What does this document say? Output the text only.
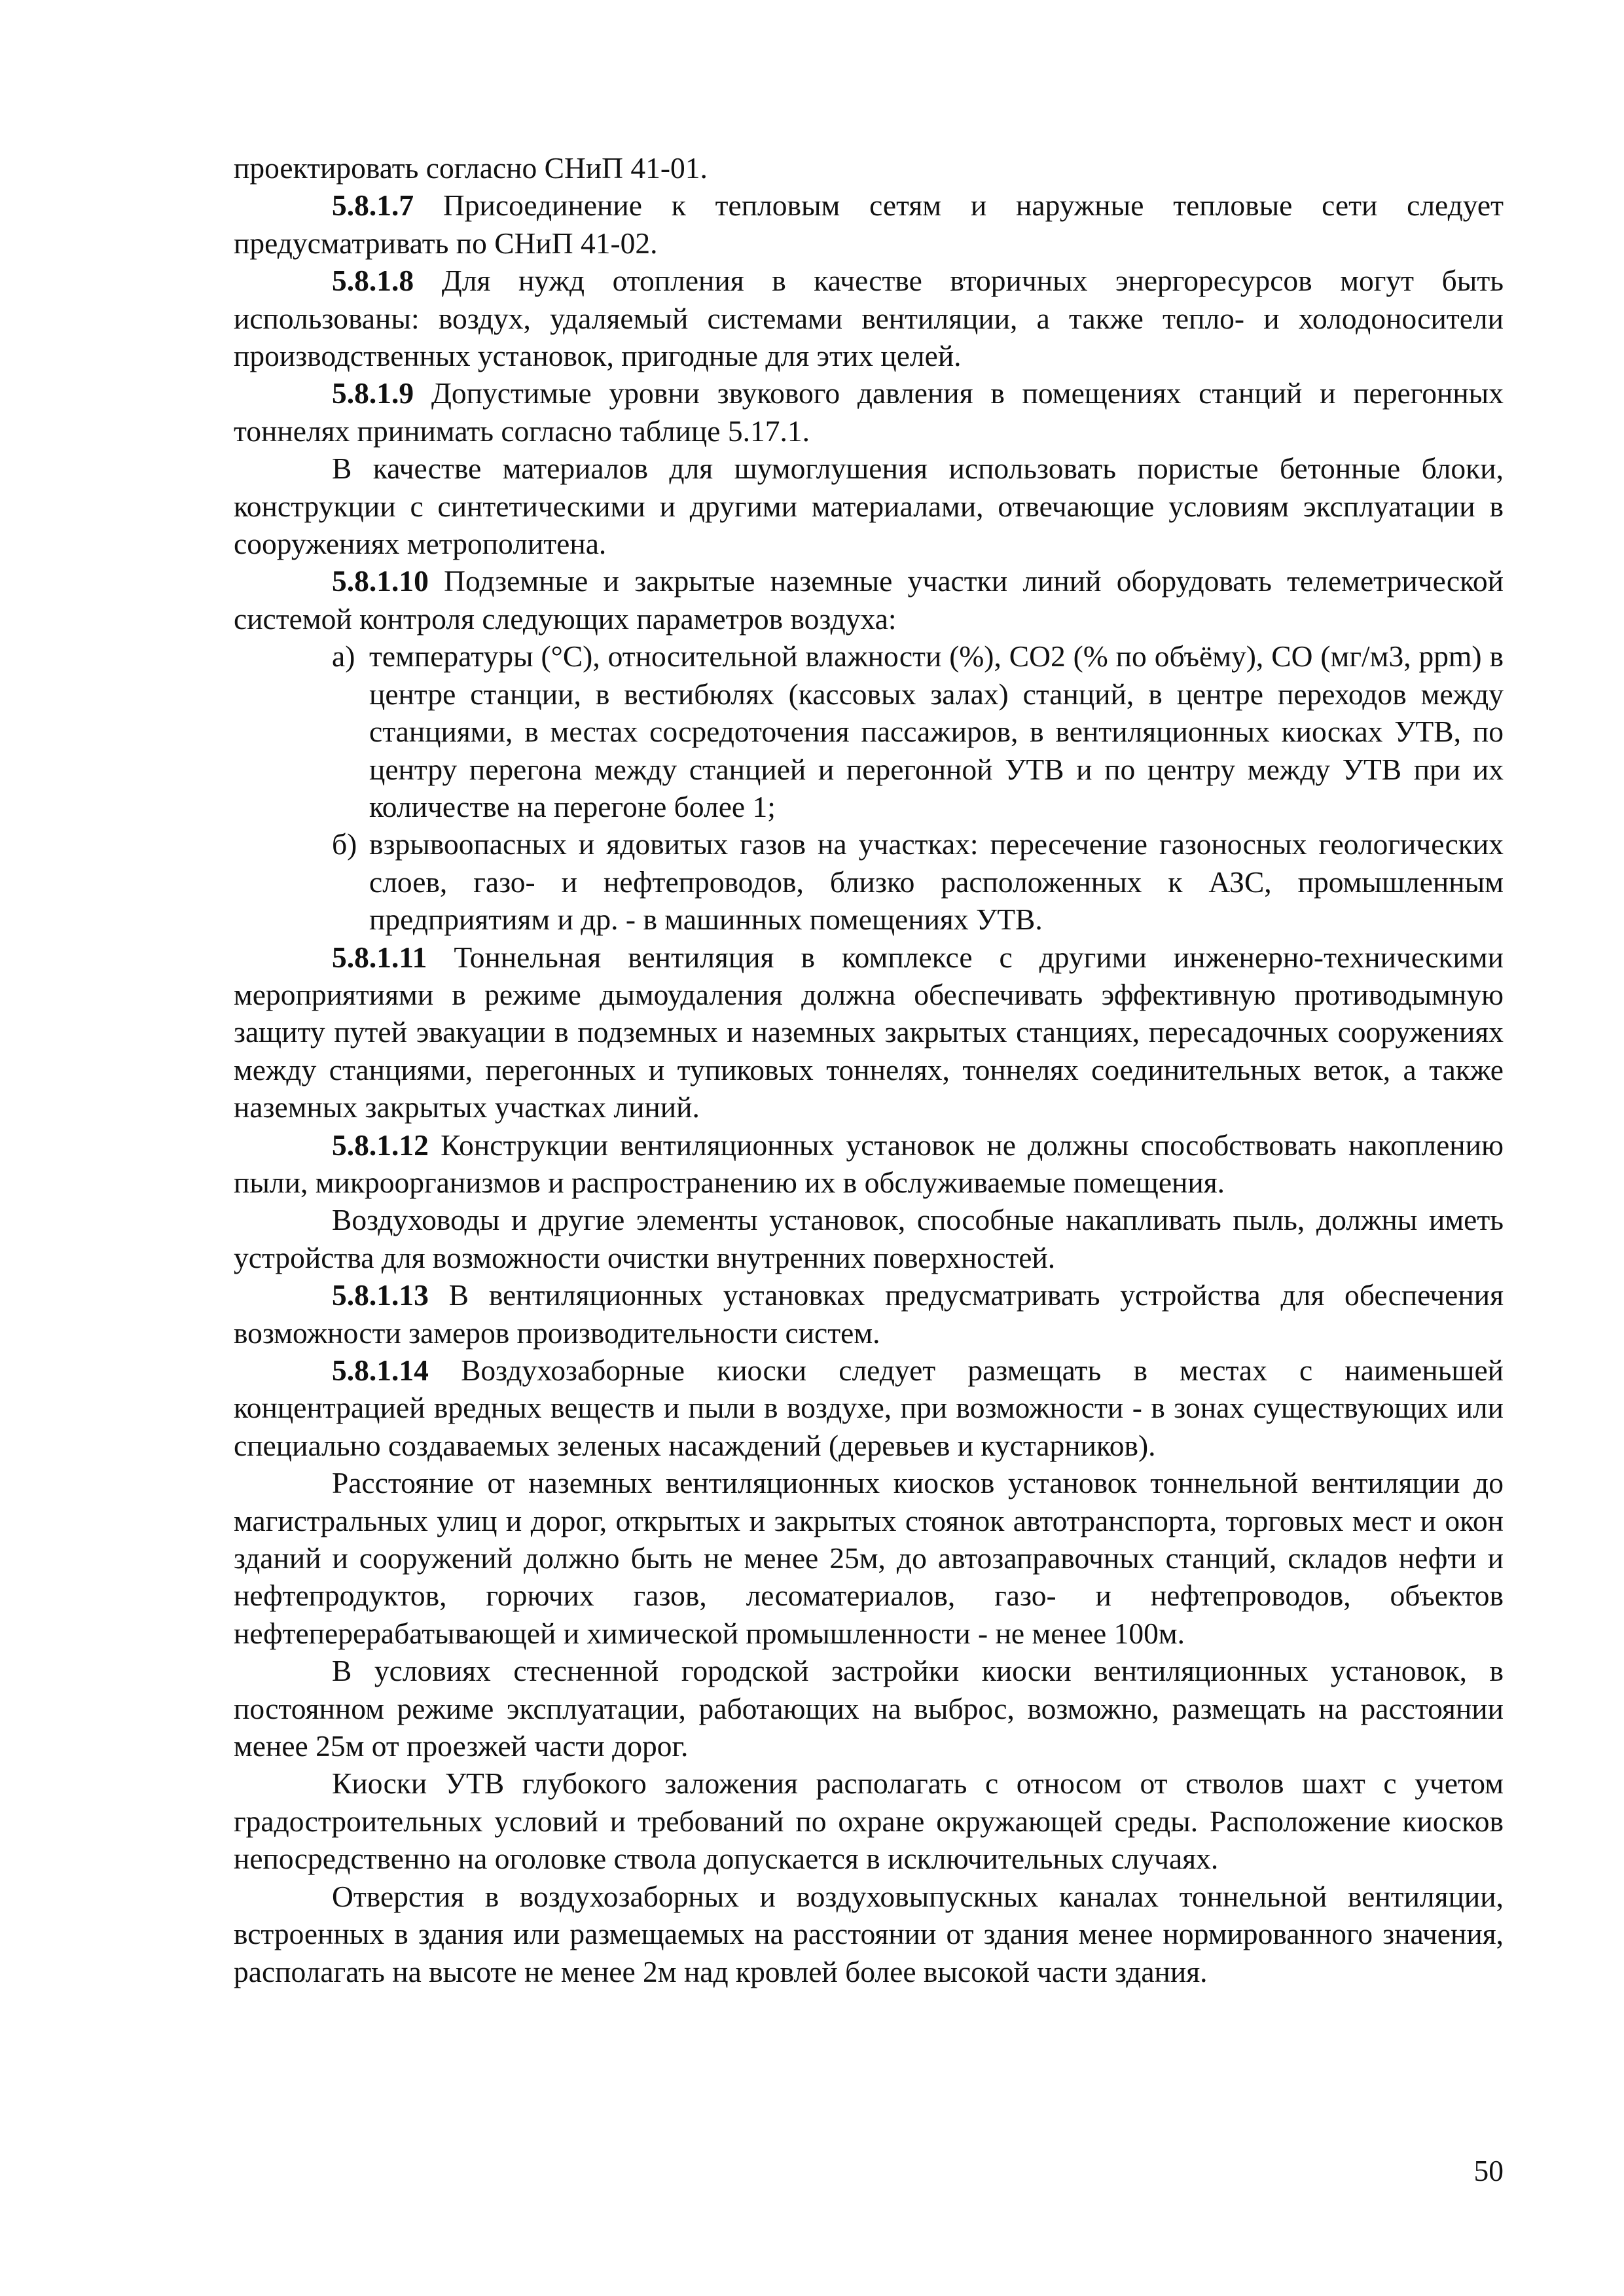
проектировать согласно СНиП 41-01.

5.8.1.7 Присоединение к тепловым сетям и наружные тепловые сети следует предусматривать по СНиП 41-02.

5.8.1.8 Для нужд отопления в качестве вторичных энергоресурсов могут быть использованы: воздух, удаляемый системами вентиляции, а также тепло- и холодоносители производственных установок, пригодные для этих целей.

5.8.1.9 Допустимые уровни звукового давления в помещениях станций и перегонных тоннелях принимать согласно таблице 5.17.1.

В качестве материалов для шумоглушения использовать пористые бетонные блоки, конструкции с синтетическими и другими материалами, отвечающие условиям эксплуатации в сооружениях метрополитена.

5.8.1.10 Подземные и закрытые наземные участки линий оборудовать телеметрической системой контроля следующих параметров воздуха:

а) температуры (°С), относительной влажности (%), СО2 (% по объёму), СО (мг/м3, ppm) в центре станции, в вестибюлях (кассовых залах) станций, в центре переходов между станциями, в местах сосредоточения пассажиров, в вентиляционных киосках УТВ, по центру перегона между станцией и перегонной УТВ и по центру между УТВ при их количестве на перегоне более 1;
б) взрывоопасных и ядовитых газов на участках: пересечение газоносных геологических слоев, газо- и нефтепроводов, близко расположенных к АЗС, промышленным предприятиям и др. - в машинных помещениях УТВ.

5.8.1.11 Тоннельная вентиляция в комплексе с другими инженерно-техническими мероприятиями в режиме дымоудаления должна обеспечивать эффективную противодымную защиту путей эвакуации в подземных и наземных закрытых станциях, пересадочных сооружениях между станциями, перегонных и тупиковых тоннелях, тоннелях соединительных веток, а также наземных закрытых участках линий.

5.8.1.12 Конструкции вентиляционных установок не должны способствовать накоплению пыли, микроорганизмов и распространению их в обслуживаемые помещения.

Воздуховоды и другие элементы установок, способные накапливать пыль, должны иметь устройства для возможности очистки внутренних поверхностей.

5.8.1.13 В вентиляционных установках предусматривать устройства для обеспечения возможности замеров производительности систем.

5.8.1.14 Воздухозаборные киоски следует размещать в местах с наименьшей концентрацией вредных веществ и пыли в воздухе, при возможности - в зонах существующих или специально создаваемых зеленых насаждений (деревьев и кустарников).

Расстояние от наземных вентиляционных киосков установок тоннельной вентиляции до магистральных улиц и дорог, открытых и закрытых стоянок автотранспорта, торговых мест и окон зданий и сооружений должно быть не менее 25м, до автозаправочных станций, складов нефти и нефтепродуктов, горючих газов, лесоматериалов, газо- и нефтепроводов, объектов нефтеперерабатывающей и химической промышленности - не менее 100м.

В условиях стесненной городской застройки киоски вентиляционных установок, в постоянном режиме эксплуатации, работающих на выброс, возможно, размещать на расстоянии менее 25м от проезжей части дорог.

Киоски УТВ глубокого заложения располагать с относом от стволов шахт с учетом градостроительных условий и требований по охране окружающей среды. Расположение киосков непосредственно на оголовке ствола допускается в исключительных случаях.

Отверстия в воздухозаборных и воздуховыпускных каналах тоннельной вентиляции, встроенных в здания или размещаемых на расстоянии от здания менее нормированного значения, располагать на высоте не менее 2м над кровлей более высокой части здания.

50
